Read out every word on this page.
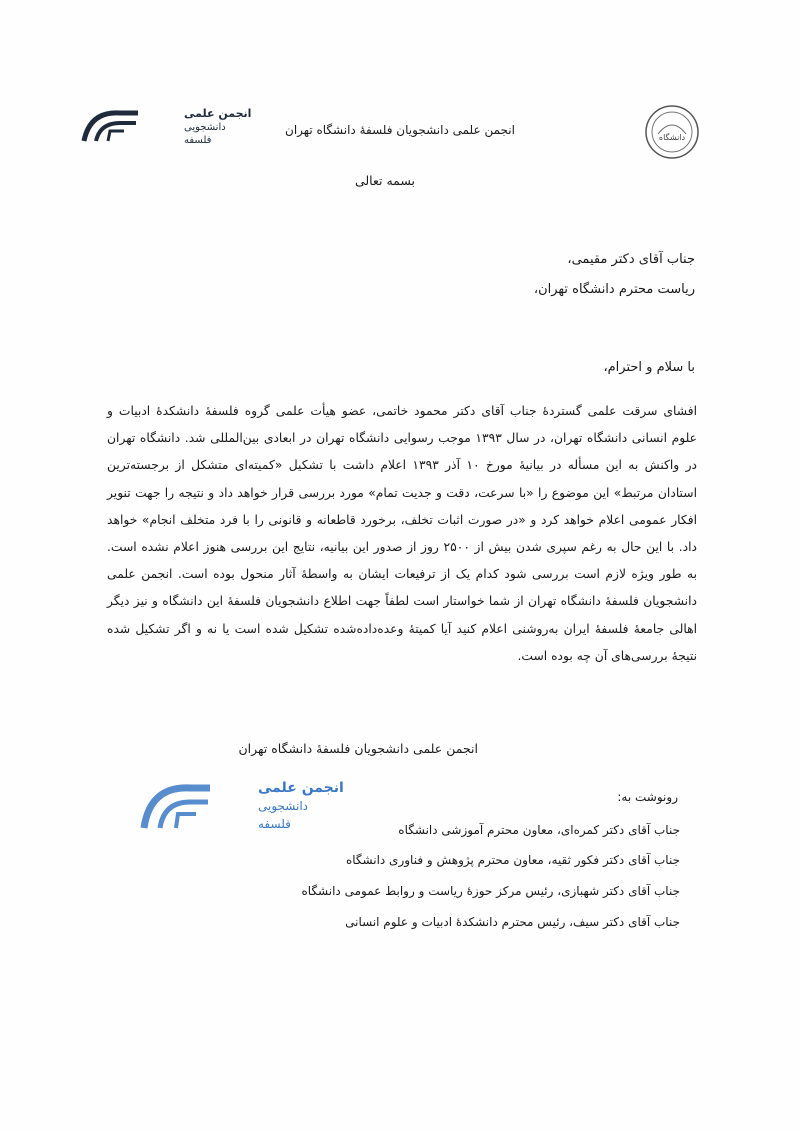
انجمن علمی
دانشجویی
فلسفه
انجمن علمی دانشجویان فلسفهٔ دانشگاه تهران
دانشگاه
بسمه تعالی
جناب آقای دکتر مقیمی،
ریاست محترم دانشگاه تهران،
با سلام و احترام،
افشای سرقت علمی گستردهٔ جناب آقای دکتر محمود خاتمی، عضو هیأت علمی گروه فلسفهٔ دانشکدهٔ ادبیات و
علوم انسانی دانشگاه تهران، در سال ۱۳۹۳ موجب رسوایی دانشگاه تهران در ابعادی بین‌المللی شد. دانشگاه تهران
در واکنش به این مسأله در بیانیهٔ مورخ ۱۰ آذر ۱۳۹۳ اعلام داشت با تشکیل «کمیته‌ای متشکل از برجسته‌ترین
استادان مرتبط» این موضوع را «با سرعت، دقت و جدیت تمام» مورد بررسی قرار خواهد داد و نتیجه را جهت تنویر
افکار عمومی اعلام خواهد کرد و «در صورت اثبات تخلف، برخورد قاطعانه و قانونی را با فرد متخلف انجام» خواهد
داد. با این حال به رغم سپری شدن بیش از ۲۵۰۰ روز از صدور این بیانیه، نتایج این بررسی هنوز اعلام نشده است.
به طور ویژه لازم است بررسی شود کدام یک از ترفیعات ایشان به واسطهٔ آثار منحول بوده است. انجمن علمی
دانشجویان فلسفهٔ دانشگاه تهران از شما خواستار است لطفاً جهت اطلاع دانشجویان فلسفهٔ این دانشگاه و نیز دیگر
اهالی جامعهٔ فلسفهٔ ایران به‌روشنی اعلام کنید آیا کمیتهٔ وعده‌داده‌شده تشکیل شده است یا نه و اگر تشکیل شده
نتیجهٔ بررسی‌های آن چه بوده است.
انجمن علمی دانشجویان فلسفهٔ دانشگاه تهران
انجمن علمی
دانشجویی
فلسفه
رونوشت به:
جناب آقای دکتر کمره‌ای، معاون محترم آموزشی دانشگاه
جناب آقای دکتر فکور ثقیه، معاون محترم پژوهش و فناوری دانشگاه
جناب آقای دکتر شهبازی، رئیس مرکز حوزهٔ ریاست و روابط عمومی دانشگاه
جناب آقای دکتر سیف، رئیس محترم دانشکدهٔ ادبیات و علوم انسانی
